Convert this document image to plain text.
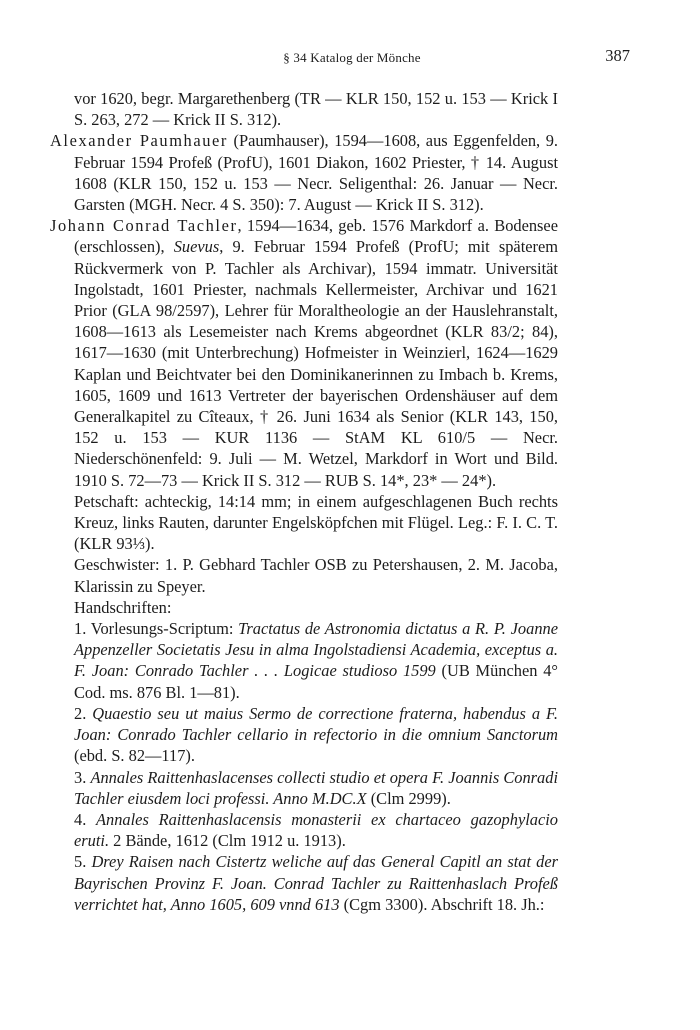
§ 34 Katalog der Mönche	387

vor 1620, begr. Margarethenberg (TR — KLR 150, 152 u. 153 — Krick I S. 263, 272 — Krick II S. 312).

Alexander Paumhauer (Paumhauser), 1594—1608, aus Eggenfelden, 9. Februar 1594 Profeß (ProfU), 1601 Diakon, 1602 Priester, † 14. August 1608 (KLR 150, 152 u. 153 — Necr. Seligenthal: 26. Januar — Necr. Garsten (MGH. Necr. 4 S. 350): 7. August — Krick II S. 312).

Johann Conrad Tachler, 1594—1634, geb. 1576 Markdorf a. Bodensee (erschlossen), Suevus, 9. Februar 1594 Profeß (ProfU; mit späterem Rückvermerk von P. Tachler als Archivar), 1594 immatr. Universität Ingolstadt, 1601 Priester, nachmals Kellermeister, Archivar und 1621 Prior (GLA 98/2597), Lehrer für Moraltheologie an der Hauslehranstalt, 1608—1613 als Lesemeister nach Krems abgeordnet (KLR 83/2; 84), 1617—1630 (mit Unterbrechung) Hofmeister in Weinzierl, 1624—1629 Kaplan und Beichtvater bei den Dominikanerinnen zu Imbach b. Krems, 1605, 1609 und 1613 Vertreter der bayerischen Ordenshäuser auf dem Generalkapitel zu Cîteaux, † 26. Juni 1634 als Senior (KLR 143, 150, 152 u. 153 — KUR 1136 — StAM KL 610/5 — Necr. Niederschönenfeld: 9. Juli — M. Wetzel, Markdorf in Wort und Bild. 1910 S. 72—73 — Krick II S. 312 — RUB S. 14*, 23* — 24*).

Petschaft: achteckig, 14:14 mm; in einem aufgeschlagenen Buch rechts Kreuz, links Rauten, darunter Engelsköpfchen mit Flügel. Leg.: F. I. C. T. (KLR 93⅓).

Geschwister: 1. P. Gebhard Tachler OSB zu Petershausen, 2. M. Jacoba, Klarissin zu Speyer.

Handschriften:

1. Vorlesungs-Scriptum: Tractatus de Astronomia dictatus a R. P. Joanne Appenzeller Societatis Jesu in alma Ingolstadiensi Academia, exceptus a. F. Joan: Conrado Tachler . . . Logicae studioso 1599 (UB München 4° Cod. ms. 876 Bl. 1—81).

2. Quaestio seu ut maius Sermo de correctione fraterna, habendus a F. Joan: Conrado Tachler cellario in refectorio in die omnium Sanctorum (ebd. S. 82—117).

3. Annales Raittenhaslacenses collecti studio et opera F. Joannis Conradi Tachler eiusdem loci professi. Anno M.DC.X (Clm 2999).

4. Annales Raittenhaslacensis monasterii ex chartaceo gazophylacio eruti. 2 Bände, 1612 (Clm 1912 u. 1913).

5. Drey Raisen nach Cistertz weliche auf das General Capitl an stat der Bayrischen Provinz F. Joan. Conrad Tachler zu Raittenhaslach Profeß verrichtet hat, Anno 1605, 609 vnnd 613 (Cgm 3300). Abschrift 18. Jh.:
